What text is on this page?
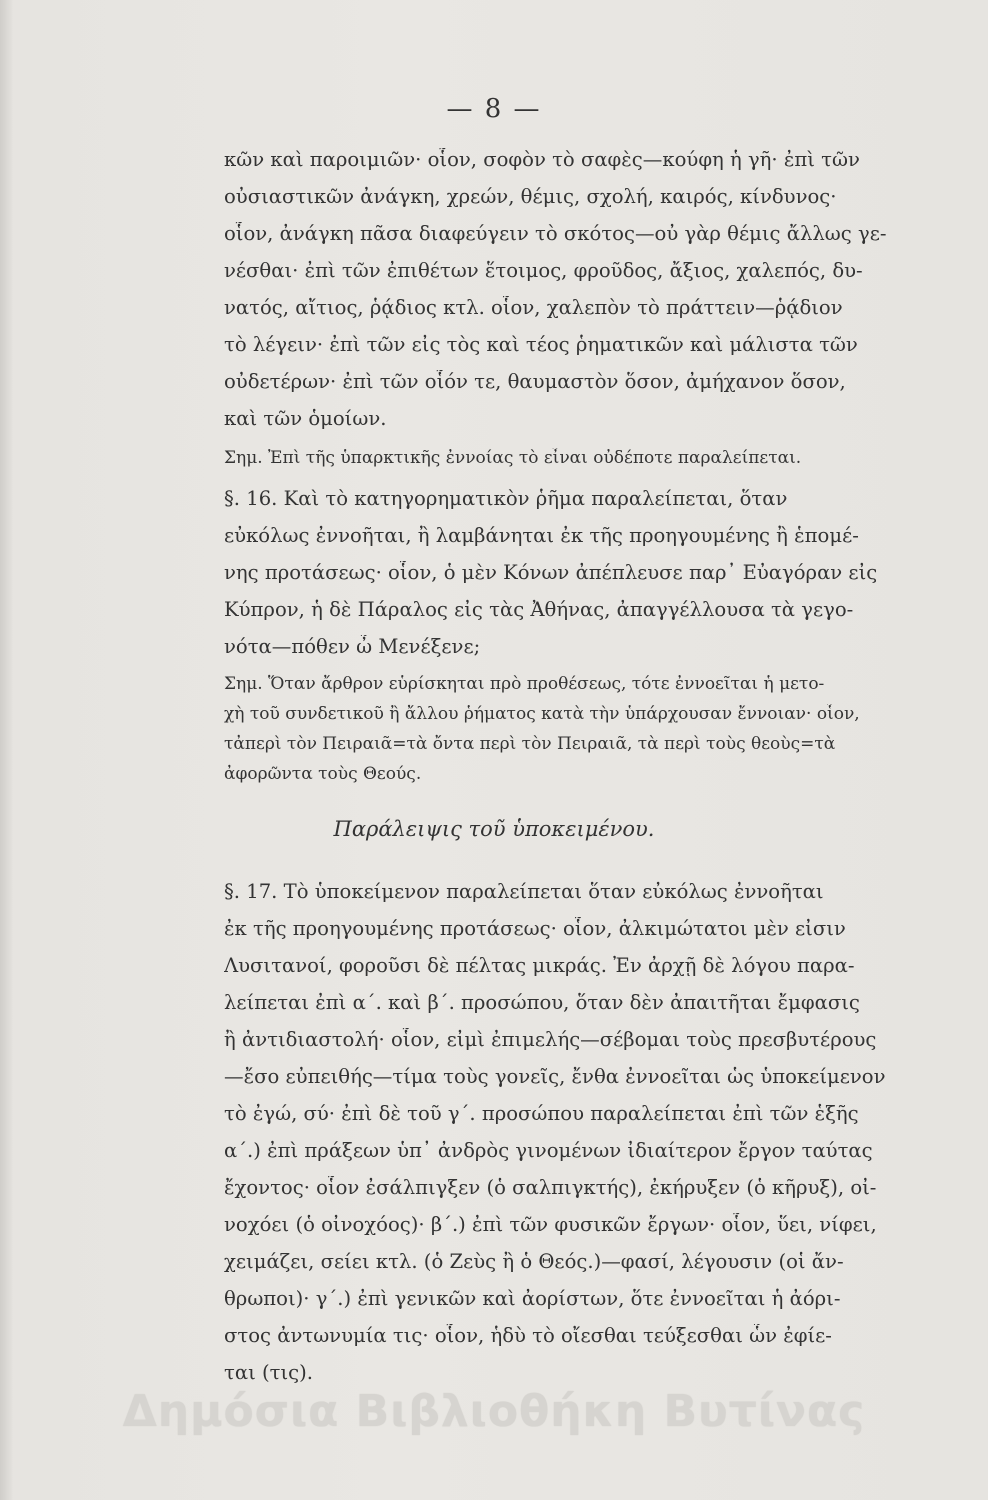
— 8 —
κῶν καὶ παροιμιῶν· οἷον, σοφὸν τὸ σαφὲς—κούφη ἡ γῆ· ἐπὶ τῶν
οὐσιαστικῶν ἀνάγκη, χρεών, θέμις, σχολή, καιρός, κίνδυνος·
οἷον, ἀνάγκη πᾶσα διαφεύγειν τὸ σκότος—οὐ γὰρ θέμις ἄλλως γε-
νέσθαι· ἐπὶ τῶν ἐπιθέτων ἕτοιμος, φροῦδος, ἄξιος, χαλεπός, δυ-
νατός, αἴτιος, ῥᾴδιος κτλ. οἷον, χαλεπὸν τὸ πράττειν—ῥᾴδιον
τὸ λέγειν· ἐπὶ τῶν εἰς τὸς καὶ τέος ῥηματικῶν καὶ μάλιστα τῶν
οὐδετέρων· ἐπὶ τῶν οἷόν τε, θαυμαστὸν ὅσον, ἀμήχανον ὅσον,
καὶ τῶν ὁμοίων.
Σημ. Ἐπὶ τῆς ὑπαρκτικῆς ἐννοίας τὸ εἶναι οὐδέποτε παραλείπεται.
§. 16. Καὶ τὸ κατηγορηματικὸν ῥῆμα παραλείπεται, ὅταν
εὐκόλως ἐννοῆται, ἢ λαμβάνηται ἐκ τῆς προηγουμένης ἢ ἑπομέ-
νης προτάσεως· οἷον, ὁ μὲν Κόνων ἀπέπλευσε παρ᾽ Εὐαγόραν εἰς
Κύπρον, ἡ δὲ Πάραλος εἰς τὰς Ἀθήνας, ἀπαγγέλλουσα τὰ γεγο-
νότα—πόθεν ὦ Μενέξενε;
Σημ. Ὅταν ἄρθρον εὑρίσκηται πρὸ προθέσεως, τότε ἐννοεῖται ἡ μετο-
χὴ τοῦ συνδετικοῦ ἢ ἄλλου ῥήματος κατὰ τὴν ὑπάρχουσαν ἔννοιαν· οἷον,
τἀπερὶ τὸν Πειραιᾶ=τὰ ὄντα περὶ τὸν Πειραιᾶ, τὰ περὶ τοὺς θεοὺς=τὰ
ἀφορῶντα τοὺς Θεούς.
Παράλειψις τοῦ ὑποκειμένου.
§. 17. Τὸ ὑποκείμενον παραλείπεται ὅταν εὐκόλως ἐννοῆται
ἐκ τῆς προηγουμένης προτάσεως· οἷον, ἀλκιμώτατοι μὲν εἰσιν
Λυσιτανοί, φοροῦσι δὲ πέλτας μικράς. Ἐν ἀρχῇ δὲ λόγου παρα-
λείπεται ἐπὶ α΄. καὶ β΄. προσώπου, ὅταν δὲν ἀπαιτῆται ἔμφασις
ἢ ἀντιδιαστολή· οἷον, εἰμὶ ἐπιμελής—σέβομαι τοὺς πρεσβυτέρους
—ἔσο εὐπειθής—τίμα τοὺς γονεῖς, ἔνθα ἐννοεῖται ὡς ὑποκείμενον
τὸ ἐγώ, σύ· ἐπὶ δὲ τοῦ γ΄. προσώπου παραλείπεται ἐπὶ τῶν ἑξῆς
α΄.) ἐπὶ πράξεων ὑπ᾽ ἀνδρὸς γινομένων ἰδιαίτερον ἔργον ταύτας
ἔχοντος· οἷον ἐσάλπιγξεν (ὁ σαλπιγκτής), ἐκήρυξεν (ὁ κῆρυξ), οἰ-
νοχόει (ὁ οἰνοχόος)· β΄.) ἐπὶ τῶν φυσικῶν ἔργων· οἷον, ὕει, νίφει,
χειμάζει, σείει κτλ. (ὁ Ζεὺς ἢ ὁ Θεός.)—φασί, λέγουσιν (οἱ ἄν-
θρωποι)· γ΄.) ἐπὶ γενικῶν καὶ ἀορίστων, ὅτε ἐννοεῖται ἡ ἀόρι-
στος ἀντωνυμία τις· οἷον, ἡδὺ τὸ οἴεσθαι τεύξεσθαι ὧν ἐφίε-
ται (τις).
Δημόσια Βιβλιοθήκη Βυτίνας
